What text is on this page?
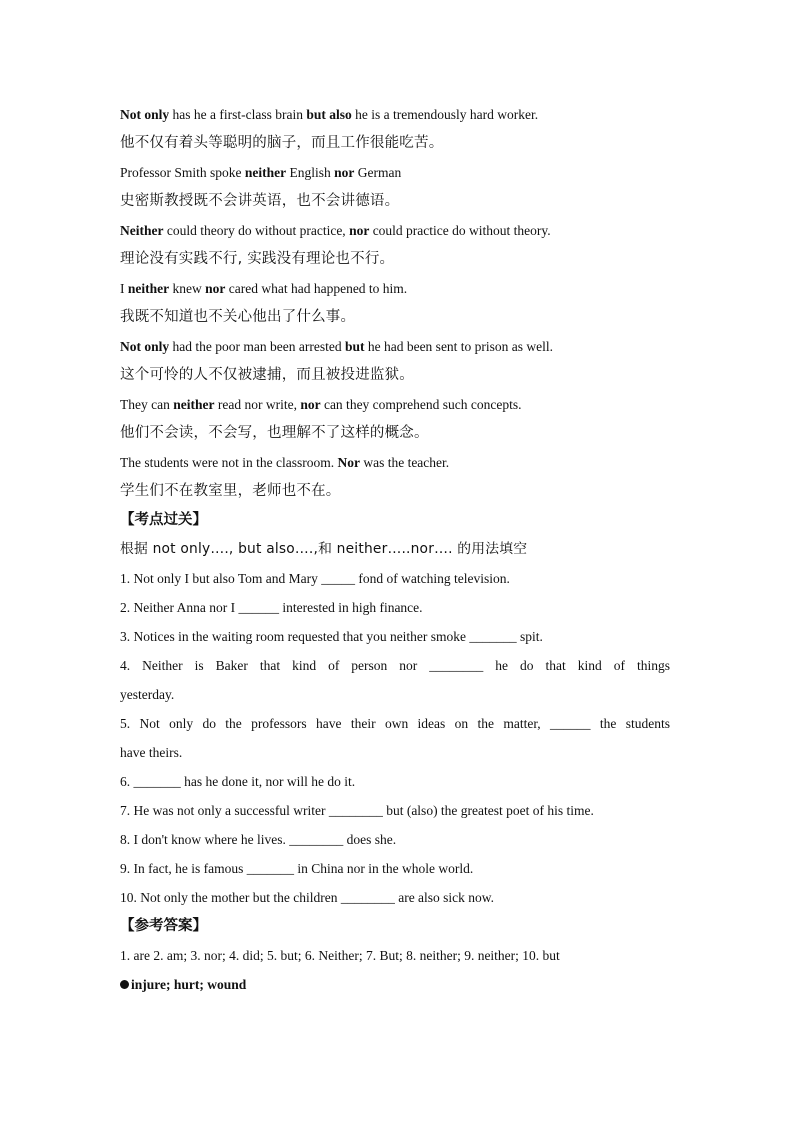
Not only has he a first-class brain but also he is a tremendously hard worker.
他不仅有着头等聪明的脑子，而且工作很能吃苦。
Professor Smith spoke neither English nor German
史密斯教授既不会讲英语，也不会讲德语。
Neither could theory do without practice, nor could practice do without theory.
理论没有实践不行, 实践没有理论也不行。
I neither knew nor cared what had happened to him.
我既不知道也不关心他出了什么事。
Not only had the poor man been arrested but he had been sent to prison as well.
这个可怜的人不仅被逮捕，而且被投进监狱。
They can neither read nor write, nor can they comprehend such concepts.
他们不会读，不会写，也理解不了这样的概念。
The students were not in the classroom. Nor was the teacher.
学生们不在教室里，老师也不在。
【考点过关】
根据 not only…., but also….,和 neither…..nor…. 的用法填空
1. Not only I but also Tom and Mary _____ fond of watching television.
2. Neither Anna nor I ______ interested in high finance.
3. Notices in the waiting room requested that you neither smoke _______ spit.
4. Neither is Baker that kind of person nor ________ he do that kind of things
yesterday.
5. Not only do the professors have their own ideas on the matter, ______ the students
have theirs.
6. _______ has he done it, nor will he do it.
7. He was not only a successful writer ________ but (also) the greatest poet of his time.
8. I don't know where he lives. ________ does she.
9. In fact, he is famous _______ in China nor in the whole world.
10. Not only the mother but the children ________ are also sick now.
【参考答案】
1. are 2. am; 3. nor; 4. did; 5. but; 6. Neither; 7. But; 8. neither; 9. neither; 10. but
injure; hurt; wound
